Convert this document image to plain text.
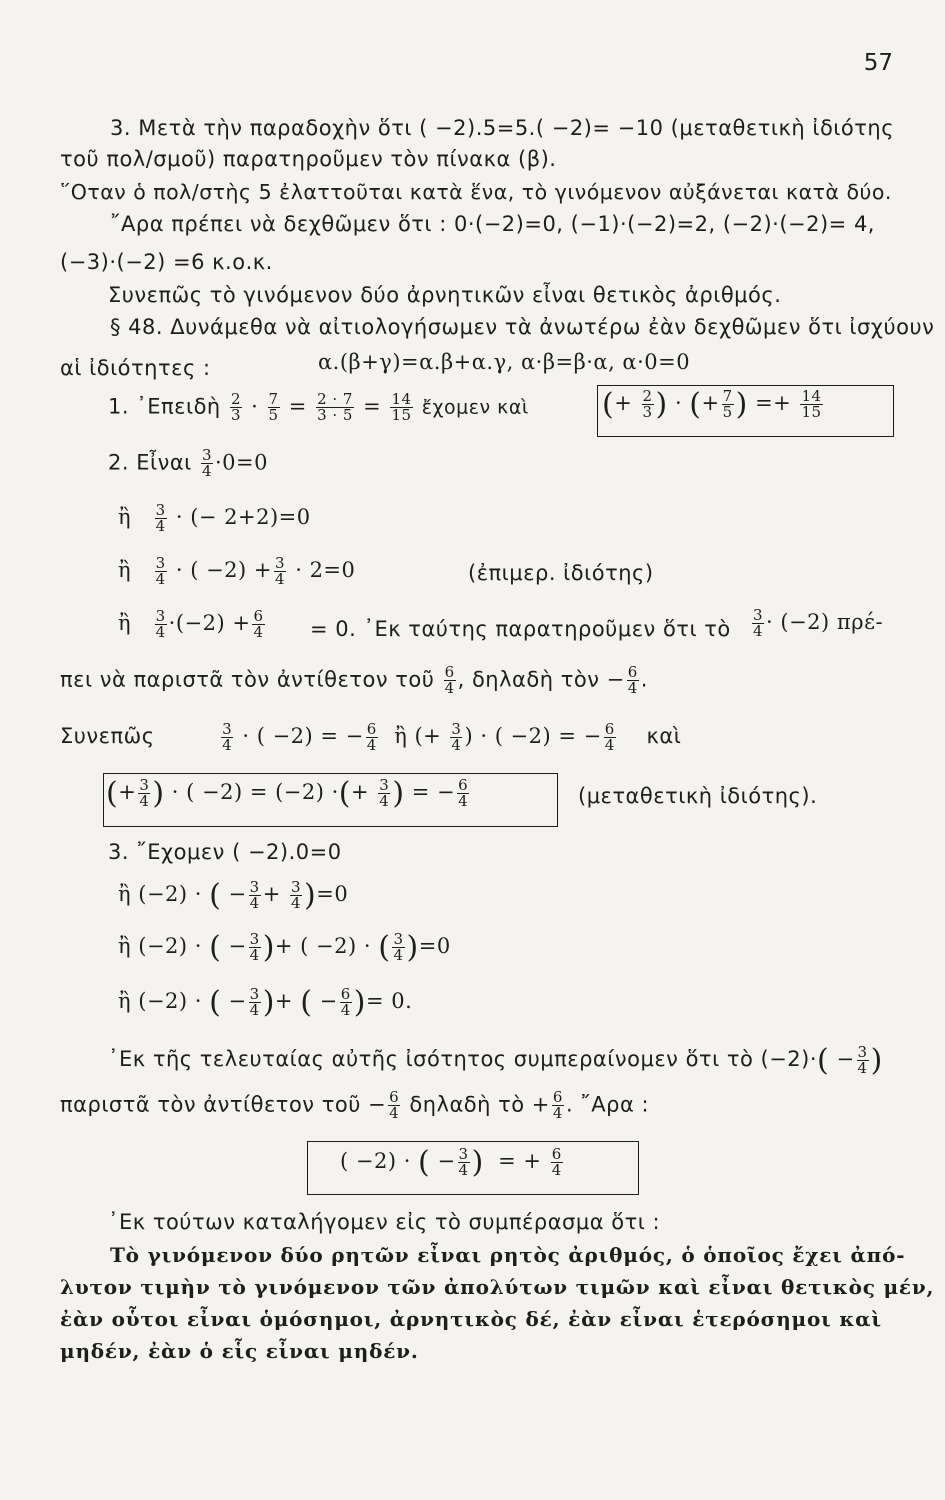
57
3. Μετὰ τὴν παραδοχὴν ὅτι ( −2).5=5.( −2)= −10 (μεταθετικὴ ἰδιότης
τοῦ πολ/σμοῦ) παρατηροῦμεν τὸν πίνακα (β).
῞Οταν ὁ πολ/στὴς 5 ἐλαττοῦται κατὰ ἕνα, τὸ γινόμενον αὐξάνεται κατὰ δύο.
῎Αρα πρέπει νὰ δεχθῶμεν ὅτι : 0·(−2)=0, (−1)·(−2)=2, (−2)·(−2)= 4,
(−3)·(−2) =6 κ.ο.κ.
Συνεπῶς τὸ γινόμενον δύο ἀρνητικῶν εἶναι θετικὸς ἀριθμός.
§ 48. Δυνάμεθα νὰ αἰτιολογήσωμεν τὰ ἀνωτέρω ἐὰν δεχθῶμεν ὅτι ἰσχύουν
αἱ ἰδιότητες :	α.(β+γ)=α.β+α.γ, α·β=β·α, α·0=0
1. ᾿Επειδὴ $\frac{2}{3} \cdot \frac{7}{5} = \frac{2 \cdot 7}{3 \cdot 5} = \frac{14}{15}$ ἔχομεν καὶ (+ $\frac{2}{3}$ ) · (+ $\frac{7}{5}$ ) =+ $\frac{14}{15}$
2. Εἶναι $\frac{3}{4} \cdot 0=0$
ἢ $\frac{3}{4}$ · (− 2+2)=0
ἢ $\frac{3}{4}$ · ( $-2) + \frac{3}{4} \cdot 2=0$	(ἐπιμερ. ἰδιότης)
ἢ $\frac{3}{4} \cdot(-2) + \frac{6}{4} = 0$. ᾿Εκ ταύτης παρατηροῦμεν ὅτι τὸ $\frac{3}{4} \cdot (-2)$ πρέ-
πει νὰ παριστᾶ τὸν ἀντίθετον τοῦ $\frac{6}{4}$ , δηλαδὴ τὸν − $\frac{6}{4}$ .
Συνεπῶς	$\frac{3}{4}$ · ( −2) = − $\frac{6}{4}$ ἢ (+ $\frac{3}{4}$ ) · ( −2) = − $\frac{6}{4}$ καὶ
(+ $\frac{3}{4}$ ) · ( −2) = (−2) ·(+ $\frac{3}{4}$ ) = − $\frac{6}{4}$	(μεταθετικὴ ἰδιότης).
3. ῎Εχομεν ( −2).0=0
ἢ (−2) · ( − $\frac{3}{4} + \frac{3}{4} )=0$
ἢ (−2) · ( − $\frac{3}{4}$ )+ ( −2) · ( $\frac{3}{4} )=0$
ἢ (−2) · ( − $\frac{3}{4}$ )+ ( − $\frac{6}{4}$ )= 0.
᾿Εκ τῆς τελευταίας αὐτῆς ἰσότητος συμπεραίνομεν ὅτι τὸ $(-2)\cdot( - \frac{3}{4}$ )
παριστᾶ τὸν ἀντίθετον τοῦ − $\frac{6}{4}$ δηλαδὴ τὸ + $\frac{6}{4}$ . ῎Αρα :
( −2) · ( − $\frac{3}{4}$ )  = + $\frac{6}{4}$
᾿Εκ τούτων καταλήγομεν εἰς τὸ συμπέρασμα ὅτι :
Τὸ γινόμενον δύο ρητῶν εἶναι ρητὸς ἀριθμός, ὁ ὁποῖος ἔχει ἀπό-
λυτον τιμὴν τὸ γινόμενον τῶν ἀπολύτων τιμῶν καὶ εἶναι θετικὸς μέν,
ἐὰν οὗτοι εἶναι ὁμόσημοι, ἀρνητικὸς δέ, ἐὰν εἶναι ἑτερόσημοι καὶ
μηδέν, ἐὰν ὁ εἷς εἶναι μηδέν.
